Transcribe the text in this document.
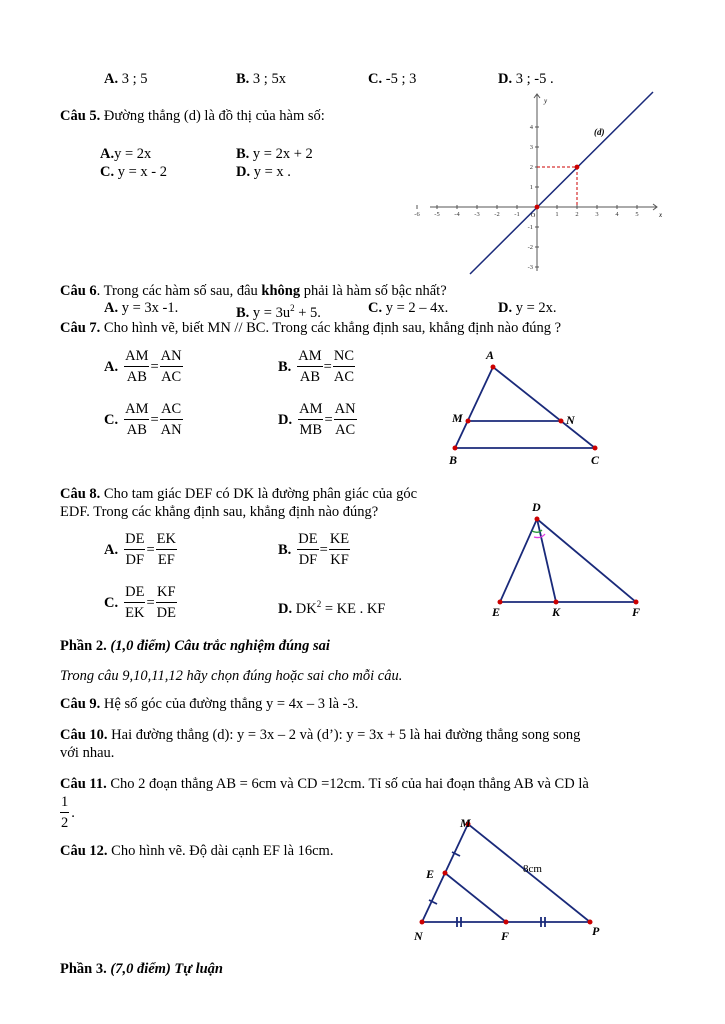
A. 3 ; 5	B. 3 ; 5x	C. -5 ; 3	D. 3 ; -5 .
Câu 5. Đường thẳng (d) là đồ thị của hàm số:
A.y = 2x	B. y = 2x + 2
C. y = x - 2	D. y = x .
-6 -5 -4 -3 -2 -1	1	2	3	4	5
4
3
2
1
-1
-2
-3
(d)
x
y
O
Câu 6. Trong các hàm số sau, đâu không phải là hàm số bậc nhất?
A. y = 3x -1.	B. $y = 3u^2 + 5$.	C. y = 2 – 4x.	D. y = 2x.
Câu 7. Cho hình vẽ, biết MN // BC. Trong các khẳng định sau, khẳng định nào đúng ?
A. $\frac{AM}{AB} = \frac{AN}{AC}$	B. $\frac{AM}{AB} = \frac{NC}{AC}$
C. $\frac{AM}{AB} = \frac{AC}{AN}$	D. $\frac{AM}{MB} = \frac{AN}{AC}$
A
M	N
B	C
Câu 8. Cho tam giác DEF có DK là đường phân giác của góc
EDF. Trong các khẳng định sau, khẳng định nào đúng?
A. $\frac{DE}{DF} = \frac{EK}{EF}$	B. $\frac{DE}{DF} = \frac{KE}{KF}$
C. $\frac{DE}{EK} = \frac{KF}{DE}$	D. $DK^2$ = KE . KF
D
E	K	F
Phần 2. (1,0 điểm) Câu trắc nghiệm đúng sai
Trong câu 9,10,11,12 hãy chọn đúng hoặc sai cho mỗi câu.
Câu 9. Hệ số góc của đường thẳng y = 4x – 3 là -3.
Câu 10. Hai đường thẳng (d): y = 3x – 2 và (d’): y = 3x + 5 là hai đường thẳng song song
với nhau.
Câu 11. Cho 2 đoạn thẳng AB = 6cm và CD =12cm. Tỉ số của hai đoạn thẳng AB và CD là
$\frac{1}{2}$ .
Câu 12. Cho hình vẽ. Độ dài cạnh EF là 16cm.
8cm
M
E
N	F	P
Phần 3. (7,0 điểm) Tự luận
